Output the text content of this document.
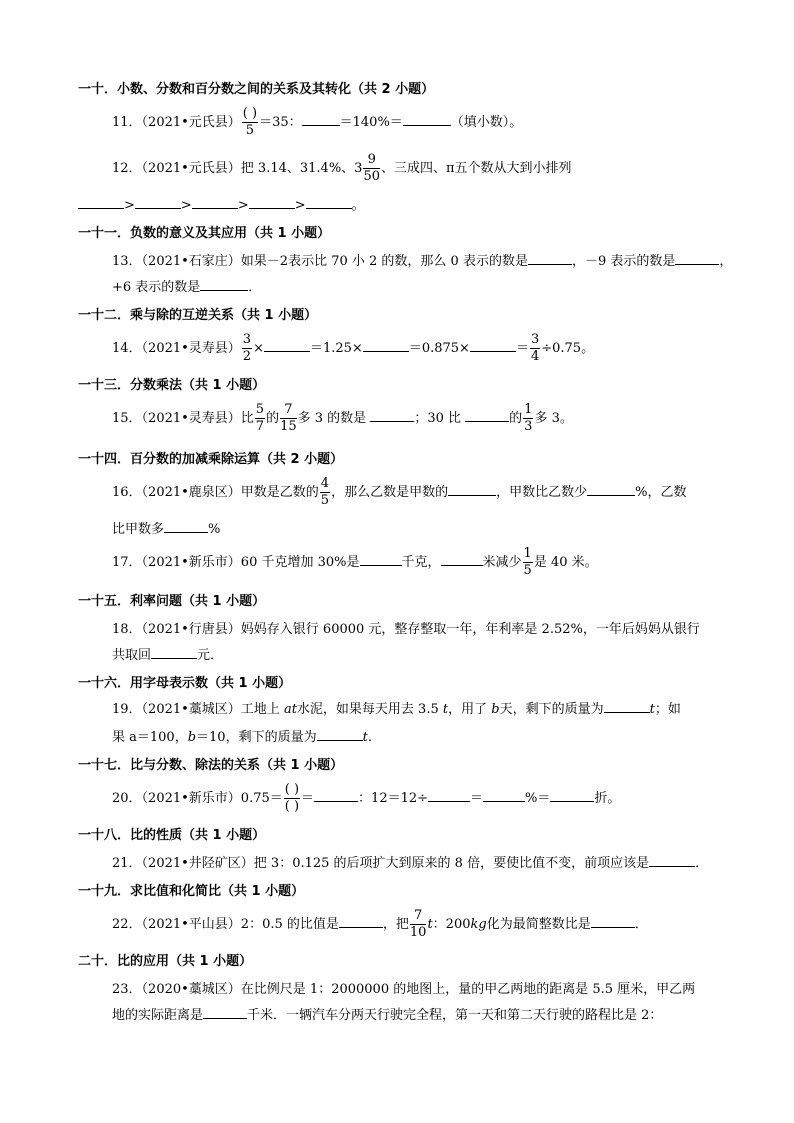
一十．小数、分数和百分数之间的关系及其转化（共 2 小题）
11．（2021•元氏县）
( )
5
＝35：	＝140%＝	（填小数）。
12．（2021•元氏县）把 3.14、31.4%、$3 \frac{9}{50}$ 、三成四、π五个数从大到小排列
>	>	>	>	。
一十一．负数的意义及其应用（共 1 小题）
13．（2021•石家庄）如果－2表示比 70 小 2 的数，那么 0 表示的数是	，－9 表示的数是	，
+6 表示的数是	．
一十二．乘与除的互逆关系（共 1 小题）
14．（2021•灵寿县） $\frac{3}{2}$ ×	＝1.25×	＝0.875×	＝ $\frac{3}{4} \div 0.75$。
一十三．分数乘法（共 1 小题）
15．（2021•灵寿县）比 $\frac{5}{7}$ 的 $\frac{7}{15}$ 多 3 的数是	；30 比	的 $\frac{1}{3}$ 多 3。
一十四．百分数的加减乘除运算（共 2 小题）
16．（2021•鹿泉区）甲数是乙数的 $\frac{4}{5}$ ，那么乙数是甲数的	，甲数比乙数少	%，乙数
比甲数多	%
17．（2021•新乐市）60 千克增加 30%是	千克，	米减少 $\frac{1}{5}$ 是 40 米。
一十五．利率问题（共 1 小题）
18．（2021•行唐县）妈妈存入银行 60000 元，整存整取一年，年利率是 2.52%，一年后妈妈从银行
共取回	元．
一十六．用字母表示数（共 1 小题）
19．（2021•藁城区）工地上 at水泥，如果每天用去 3.5 t，用了 b天，剩下的质量为	t；如
果 a＝100，b＝10，剩下的质量为	t.
一十七．比与分数、除法的关系（共 1 小题）
20．（2021•新乐市）0.75＝
( )
( )
＝	：12＝12÷	＝	%＝	折。
一十八．比的性质（共 1 小题）
21．（2021•井陉矿区）把 3：0.125 的后项扩大到原来的 8 倍，要使比值不变，前项应该是	．
一十九．求比值和化简比（共 1 小题）
22．（2021•平山县）2：0.5 的比值是	，把 $\frac{7}{10}$ t：200kg化为最简整数比是	．
二十．比的应用（共 1 小题）
23．（2020•藁城区）在比例尺是 1：2000000 的地图上，量的甲乙两地的距离是 5.5 厘米，甲乙两
地的实际距离是	千米．一辆汽车分两天行驶完全程，第一天和第二天行驶的路程比是 2：
